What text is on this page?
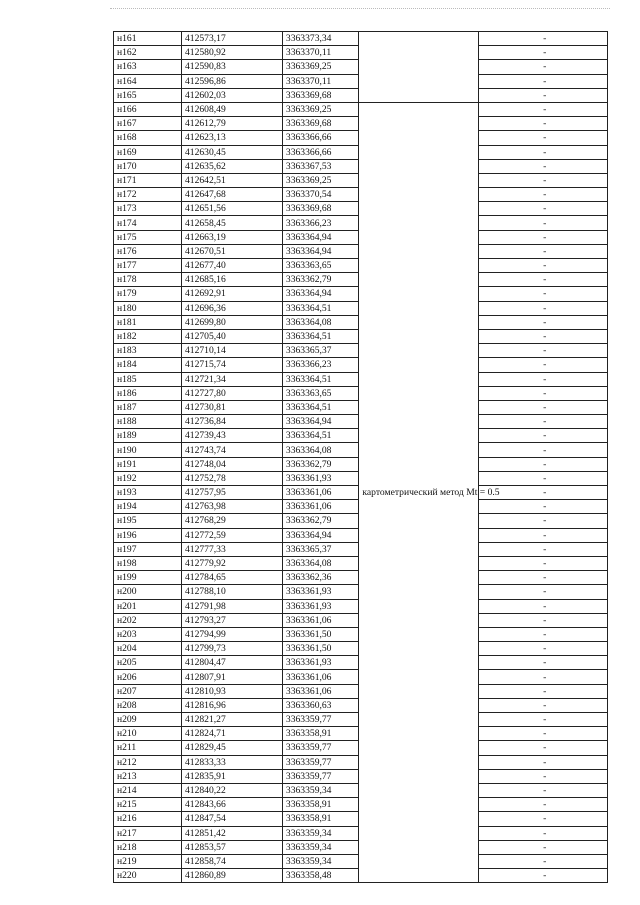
н161	412573,17	3363373,34		-
н162	412580,92	3363370,11		-
н163	412590,83	3363369,25		-
н164	412596,86	3363370,11		-
н165	412602,03	3363369,68		-
н166	412608,49	3363369,25	картометрический метод Mt = 0.5	-
н167	412612,79	3363369,68		-
н168	412623,13	3363366,66		-
н169	412630,45	3363366,66		-
н170	412635,62	3363367,53		-
н171	412642,51	3363369,25		-
н172	412647,68	3363370,54		-
н173	412651,56	3363369,68		-
н174	412658,45	3363366,23		-
н175	412663,19	3363364,94		-
н176	412670,51	3363364,94		-
н177	412677,40	3363363,65		-
н178	412685,16	3363362,79		-
н179	412692,91	3363364,94		-
н180	412696,36	3363364,51		-
н181	412699,80	3363364,08		-
н182	412705,40	3363364,51		-
н183	412710,14	3363365,37		-
н184	412715,74	3363366,23		-
н185	412721,34	3363364,51		-
н186	412727,80	3363363,65		-
н187	412730,81	3363364,51		-
н188	412736,84	3363364,94		-
н189	412739,43	3363364,51		-
н190	412743,74	3363364,08		-
н191	412748,04	3363362,79		-
н192	412752,78	3363361,93		-
н193	412757,95	3363361,06		-
н194	412763,98	3363361,06		-
н195	412768,29	3363362,79		-
н196	412772,59	3363364,94		-
н197	412777,33	3363365,37		-
н198	412779,92	3363364,08		-
н199	412784,65	3363362,36		-
н200	412788,10	3363361,93		-
н201	412791,98	3363361,93		-
н202	412793,27	3363361,06		-
н203	412794,99	3363361,50		-
н204	412799,73	3363361,50		-
н205	412804,47	3363361,93		-
н206	412807,91	3363361,06		-
н207	412810,93	3363361,06		-
н208	412816,96	3363360,63		-
н209	412821,27	3363359,77		-
н210	412824,71	3363358,91		-
н211	412829,45	3363359,77		-
н212	412833,33	3363359,77		-
н213	412835,91	3363359,77		-
н214	412840,22	3363359,34		-
н215	412843,66	3363358,91		-
н216	412847,54	3363358,91		-
н217	412851,42	3363359,34		-
н218	412853,57	3363359,34		-
н219	412858,74	3363359,34		-
н220	412860,89	3363358,48		-
